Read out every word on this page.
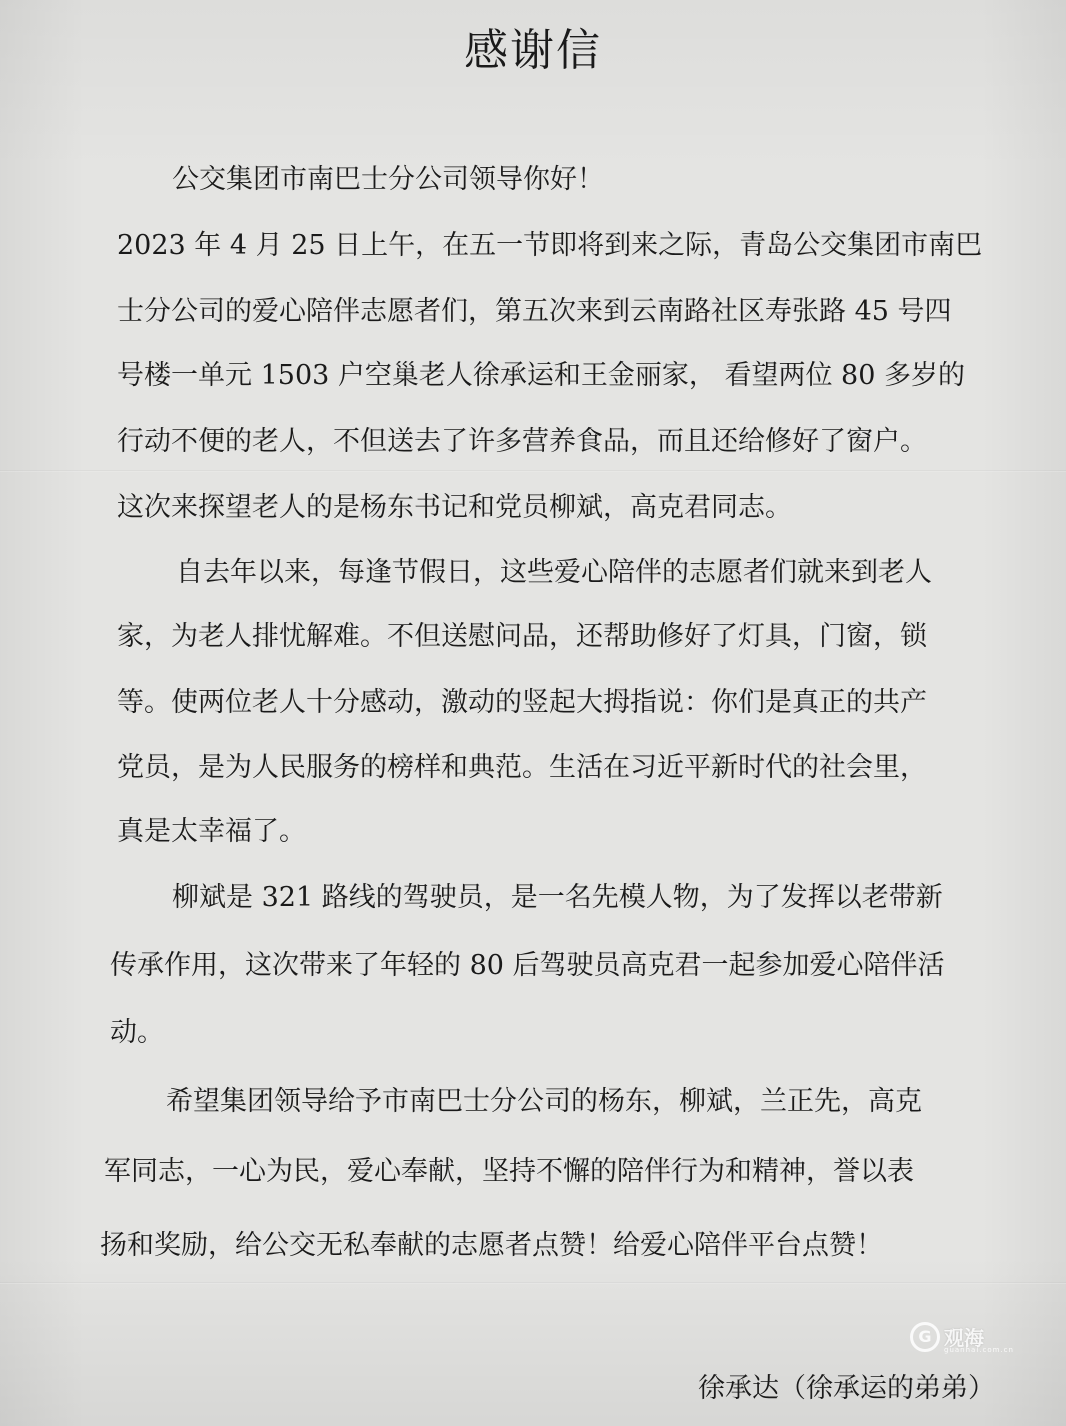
感谢信
公交集团市南巴士分公司领导你好！
2023 年 4 月 25 日上午，在五一节即将到来之际，青岛公交集团市南巴
士分公司的爱心陪伴志愿者们，第五次来到云南路社区寿张路 45 号四
号楼一单元 1503 户空巢老人徐承运和王金丽家， 看望两位 80 多岁的
行动不便的老人，不但送去了许多营养食品，而且还给修好了窗户。
这次来探望老人的是杨东书记和党员柳斌，高克君同志。
自去年以来，每逢节假日，这些爱心陪伴的志愿者们就来到老人
家，为老人排忧解难。不但送慰问品，还帮助修好了灯具，门窗，锁
等。使两位老人十分感动，激动的竖起大拇指说：你们是真正的共产
党员，是为人民服务的榜样和典范。生活在习近平新时代的社会里，
真是太幸福了。
柳斌是 321 路线的驾驶员，是一名先模人物，为了发挥以老带新
传承作用，这次带来了年轻的 80 后驾驶员高克君一起参加爱心陪伴活
动。
希望集团领导给予市南巴士分公司的杨东，柳斌，兰正先，高克
军同志，一心为民，爱心奉献，坚持不懈的陪伴行为和精神，誉以表
扬和奖励，给公交无私奉献的志愿者点赞！给爱心陪伴平台点赞！
徐承达（徐承运的弟弟）
G 观海
guanhai.com.cn
